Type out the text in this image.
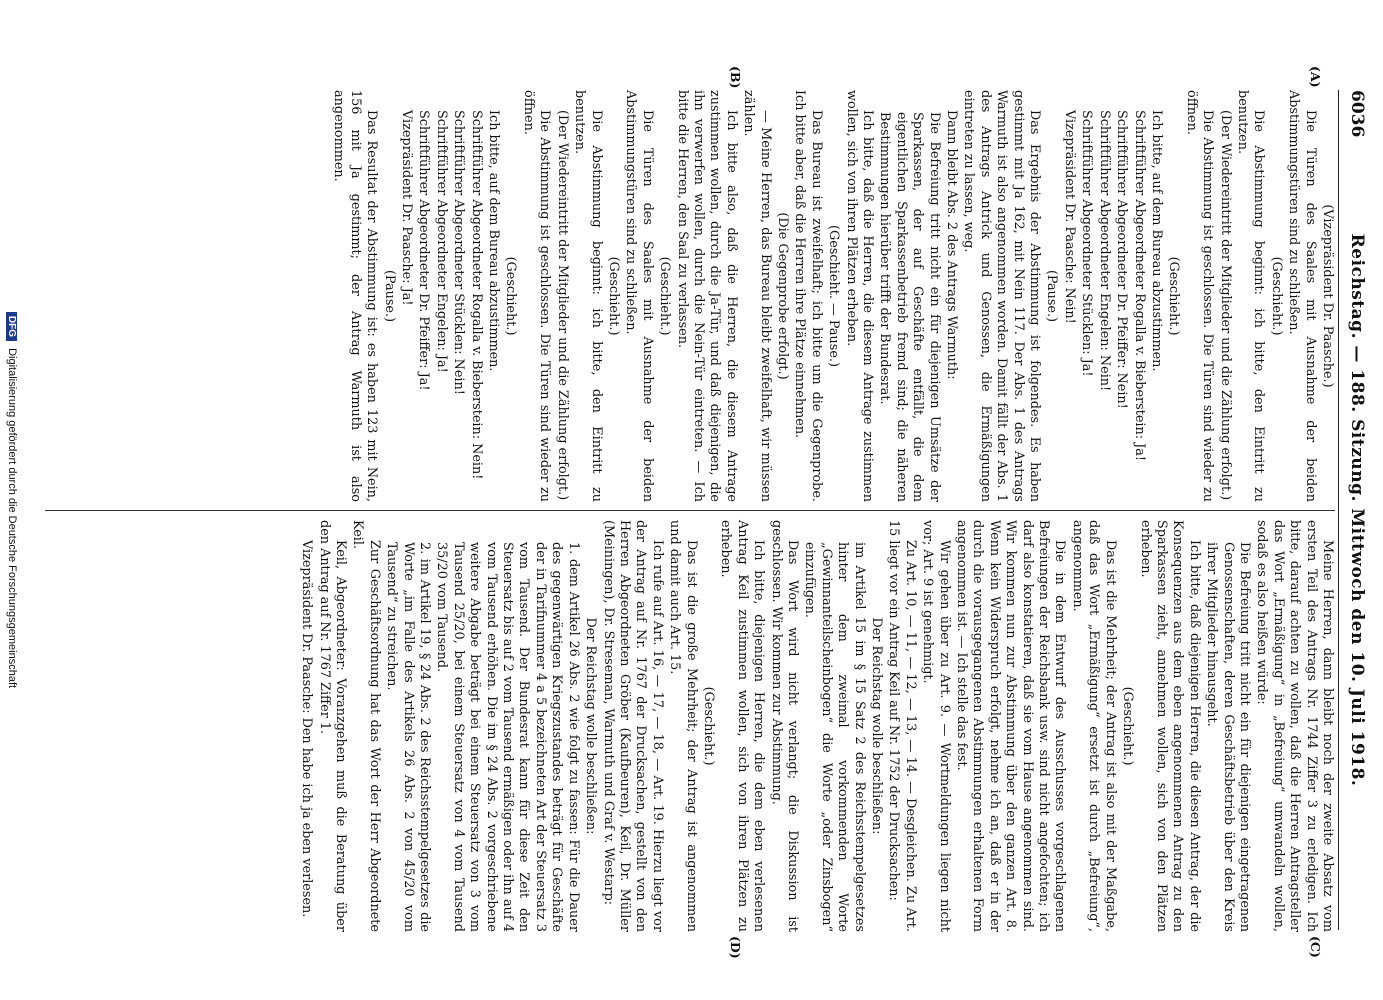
6036
Reichstag. — 188. Sitzung. Mittwoch den 10. Juli 1918.
(A)
(B)
(C)
(D)

(Vizepräsident Dr. Paasche.)

Die Türen des Saales mit Ausnahme der beiden Abstimmungstüren sind zu schließen.

(Geschieht.)

Die Abstimmung beginnt: ich bitte, den Eintritt zu benutzen.

(Der Wiedereintritt der Mitglieder und die Zählung erfolgt.)

Die Abstimmung ist geschlossen. Die Türen sind wieder zu öffnen.

(Geschieht.)

Ich bitte, auf dem Bureau abzustimmen.

Schriftführer Abgeordneter Rogalla v. Bieberstein: Ja!

Schriftführer Abgeordneter Dr. Pfeiffer: Nein!

Schriftführer Abgeordneter Engelen: Nein!

Schriftführer Abgeordneter Stücklen: Ja!

Vizepräsident Dr. Paasche: Nein!

(Pause.)

Das Ergebnis der Abstimmung ist folgendes. Es haben gestimmt mit Ja 162, mit Nein 117. Der Abs. 1 des Antrags Warmuth ist also angenommen worden. Damit fällt der Abs. 1 des Antrags Antrick und Genossen, die Ermäßigungen eintreten zu lassen, weg.

Dann bleibt Abs. 2 des Antrags Warmuth:

Die Befreiung tritt nicht ein für diejenigen Umsätze der Sparkassen, der auf Geschäfte entfällt, die dem eigentlichen Sparkassenbetrieb fremd sind; die näheren Bestimmungen hierüber trifft der Bundesrat.

Ich bitte, daß die Herren, die diesem Antrage zustimmen wollen, sich von ihren Plätzen erheben.

(Geschieht. — Pause.)

Das Bureau ist zweifelhaft; ich bitte um die Gegenprobe. Ich bitte aber, daß die Herren ihre Plätze einnehmen.

(Die Gegenprobe erfolgt.)

— Meine Herren, das Bureau bleibt zweifelhaft, wir müssen zählen.

Ich bitte also, daß die Herren, die diesem Antrage zustimmen wollen, durch die Ja-Tür, und daß diejenigen, die ihn verwerfen wollen, durch die Nein-Tür eintreten. — Ich bitte die Herren, den Saal zu verlassen.

(Geschieht.)

Die Türen des Saales mit Ausnahme der beiden Abstimmungstüren sind zu schließen.

(Geschieht.)

Die Abstimmung beginnt: ich bitte, den Eintritt zu benutzen.

(Der Wiedereintritt der Mitglieder und die Zählung erfolgt.)

Die Abstimmung ist geschlossen. Die Türen sind wieder zu öffnen.

(Geschieht.)

Ich bitte, auf dem Bureau abzustimmen.

Schriftführer Abgeordneter Rogalla v. Bieberstein: Nein!

Schriftführer Abgeordneter Stücklen: Nein!

Schriftführer Abgeordneter Engelen: Ja!

Schriftführer Abgeordneter Dr. Pfeiffer: Ja!

Vizepräsident Dr. Paasche: Ja!

(Pause.)

Das Resultat der Abstimmung ist: es haben 123 mit Nein, 156 mit Ja gestimmt; der Antrag Warmuth ist also angenommen.

Meine Herren, dann bleibt noch der zweite Absatz vom ersten Teil des Antrags Nr. 1744 Ziffer 3 zu erledigen. Ich bitte, darauf achten zu wollen, daß die Herren Antragsteller das Wort „Ermäßigung“ in „Befreiung“ umwandeln wollen, sodaß es also heißen würde:

Die Befreiung tritt nicht ein für diejenigen eingetragenen Genossenschaften, deren Geschäftsbetrieb über den Kreis ihrer Mitglieder hinausgeht.

Ich bitte, daß diejenigen Herren, die diesen Antrag, der die Konsequenzen aus dem eben angenommenen Antrag zu den Sparkassen zieht, annehmen wollen, sich von den Plätzen erheben.

(Geschieht.)

Das ist die Mehrheit; der Antrag ist also mit der Maßgabe, daß das Wort „Ermäßigung“ ersetzt ist durch „Befreiung“, angenommen.

Die in dem Entwurf des Ausschusses vorgeschlagenen Befreiungen der Reichsbank usw. sind nicht angefochten; ich darf also konstatieren, daß sie vom Hause angenommen sind. Wir kommen nun zur Abstimmung über den ganzen Art. 8. Wenn kein Widerspruch erfolgt, nehme ich an, daß er in der durch die vorausgegangenen Abstimmungen erhaltenen Form angenommen ist. — Ich stelle das fest.

Wir gehen über zu Art. 9. — Wortmeldungen liegen nicht vor; Art. 9 ist genehmigt.

Zu Art. 10, — 11, — 12, — 13, — 14. — Desgleichen. Zu Art. 15 liegt vor ein Antrag Keil auf Nr. 1752 der Drucksachen:

Der Reichstag wolle beschließen:

im Artikel 15 im § 15 Satz 2 des Reichsstempelgesetzes hinter dem zweimal vorkommenden Worte „Gewinnanteilscheinbogen“ die Worte „oder Zinsbogen“ einzufügen.

Das Wort wird nicht verlangt; die Diskussion ist geschlossen. Wir kommen zur Abstimmung.

Ich bitte, diejenigen Herren, die dem eben verlesenen Antrag Keil zustimmen wollen, sich von ihren Plätzen zu erheben.

(Geschieht.)

Das ist die große Mehrheit; der Antrag ist angenommen und damit auch Art. 15.

Ich rufe auf Art. 16, — 17, — 18, — Art. 19. Hierzu liegt vor der Antrag auf Nr. 1767 der Drucksachen, gestellt von den Herren Abgeordneten Gröber (Kaufbeuren), Keil, Dr. Müller (Meiningen), Dr. Streseman, Warmuth und Graf v. Westarp:

Der Reichstag wolle beschließen:

1. dem Artikel 26 Abs. 2 wie folgt zu fassen: Für die Dauer des gegenwärtigen Kriegszustandes beträgt für Geschäfte der in Tarifnummer 4 a 5 bezeichneten Art der Steuersatz 3 vom Tausend. Der Bundesrat kann für diese Zeit den Steuersatz bis auf 2 vom Tausend ermäßigen oder ihn auf 4 vom Tausend erhöhen. Die im § 24 Abs. 2 vorgeschriebene weitere Abgabe beträgt bei einem Steuersatz von 3 vom Tausend 25/20, bei einem Steuersatz von 4 vom Tausend 35/20 vom Tausend.

2. im Artikel 19, § 24 Abs. 2 des Reichsstempelgesetzes die Worte „im Falle des Artikels 26 Abs. 2 von 45/20 vom Tausend“ zu streichen.

Zur Geschäftsordnung hat das Wort der Herr Abgeordnete Keil.

Keil, Abgeordneter: Voranzgehen muß die Beratung über den Antrag auf Nr. 1767 Ziffer 1.

Vizepräsident Dr. Paasche: Den habe ich ja eben verlesen.

DFG Digitalisierung gefördert durch die Deutsche Forschungsgemeinschaft
